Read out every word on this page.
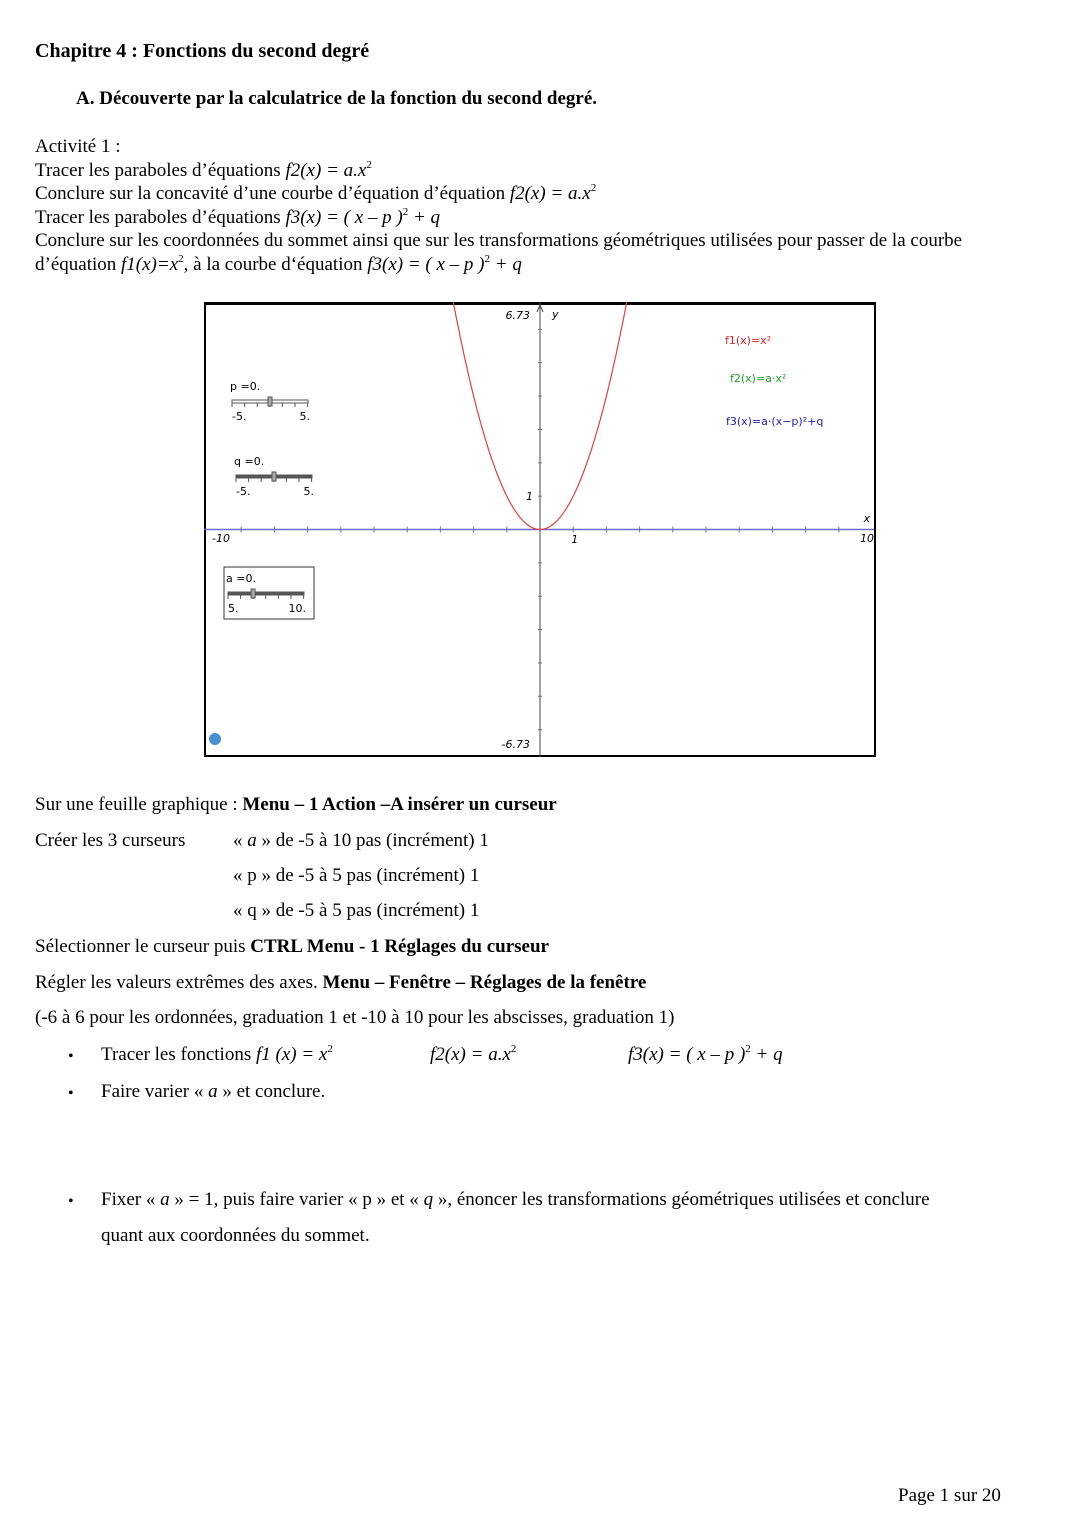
Chapitre 4 : Fonctions du second degré
A. Découverte par la calculatrice de la fonction du second degré.
Activité 1 :
Tracer les paraboles d’équations $f2(x) = a.x^2$
Conclure sur la concavité d’une courbe d’équation d’équation $f2(x) = a.x^2$
Tracer les paraboles d’équations f3(x) = ( x – p )$^2$ + q
Conclure sur les coordonnées du sommet ainsi que sur les transformations géométriques utilisées pour passer de la courbe
d’équation $f1(x)=x^2$, à la courbe d‘équation f3(x) = ( x – p )$^2$ + q
Sur une feuille graphique : Menu – 1 Action –A insérer un curseur
Créer les 3 curseurs	« a » de -5 à 10 pas (incrément) 1
« p » de -5 à 5 pas (incrément) 1
« q » de -5 à 5 pas (incrément) 1
Sélectionner le curseur puis CTRL Menu - 1 Réglages du curseur
Régler les valeurs extrêmes des axes. Menu – Fenêtre – Réglages de la fenêtre
(-6 à 6 pour les ordonnées, graduation 1 et -10 à 10 pour les abscisses, graduation 1)
Tracer les fonctions f1 $(x) = x^2$	$f2(x) = a.x^2$	f3(x) = ( x – p )$^2$ + q
Faire varier « a » et conclure.
Fixer « a » = 1, puis faire varier « p » et « q », énoncer les transformations géométriques utilisées et conclure
quant aux coordonnées du sommet.
6.73
-6.73
-10	10
1
1
x
y
p =0.
-5.	5.
q =0.
-5.	5.
a =0.
5.	10.
f1(x)=x²
f2(x)=a·x²
f3(x)=a·(x−p)²+q
•
•
•
Page 1 sur 20
